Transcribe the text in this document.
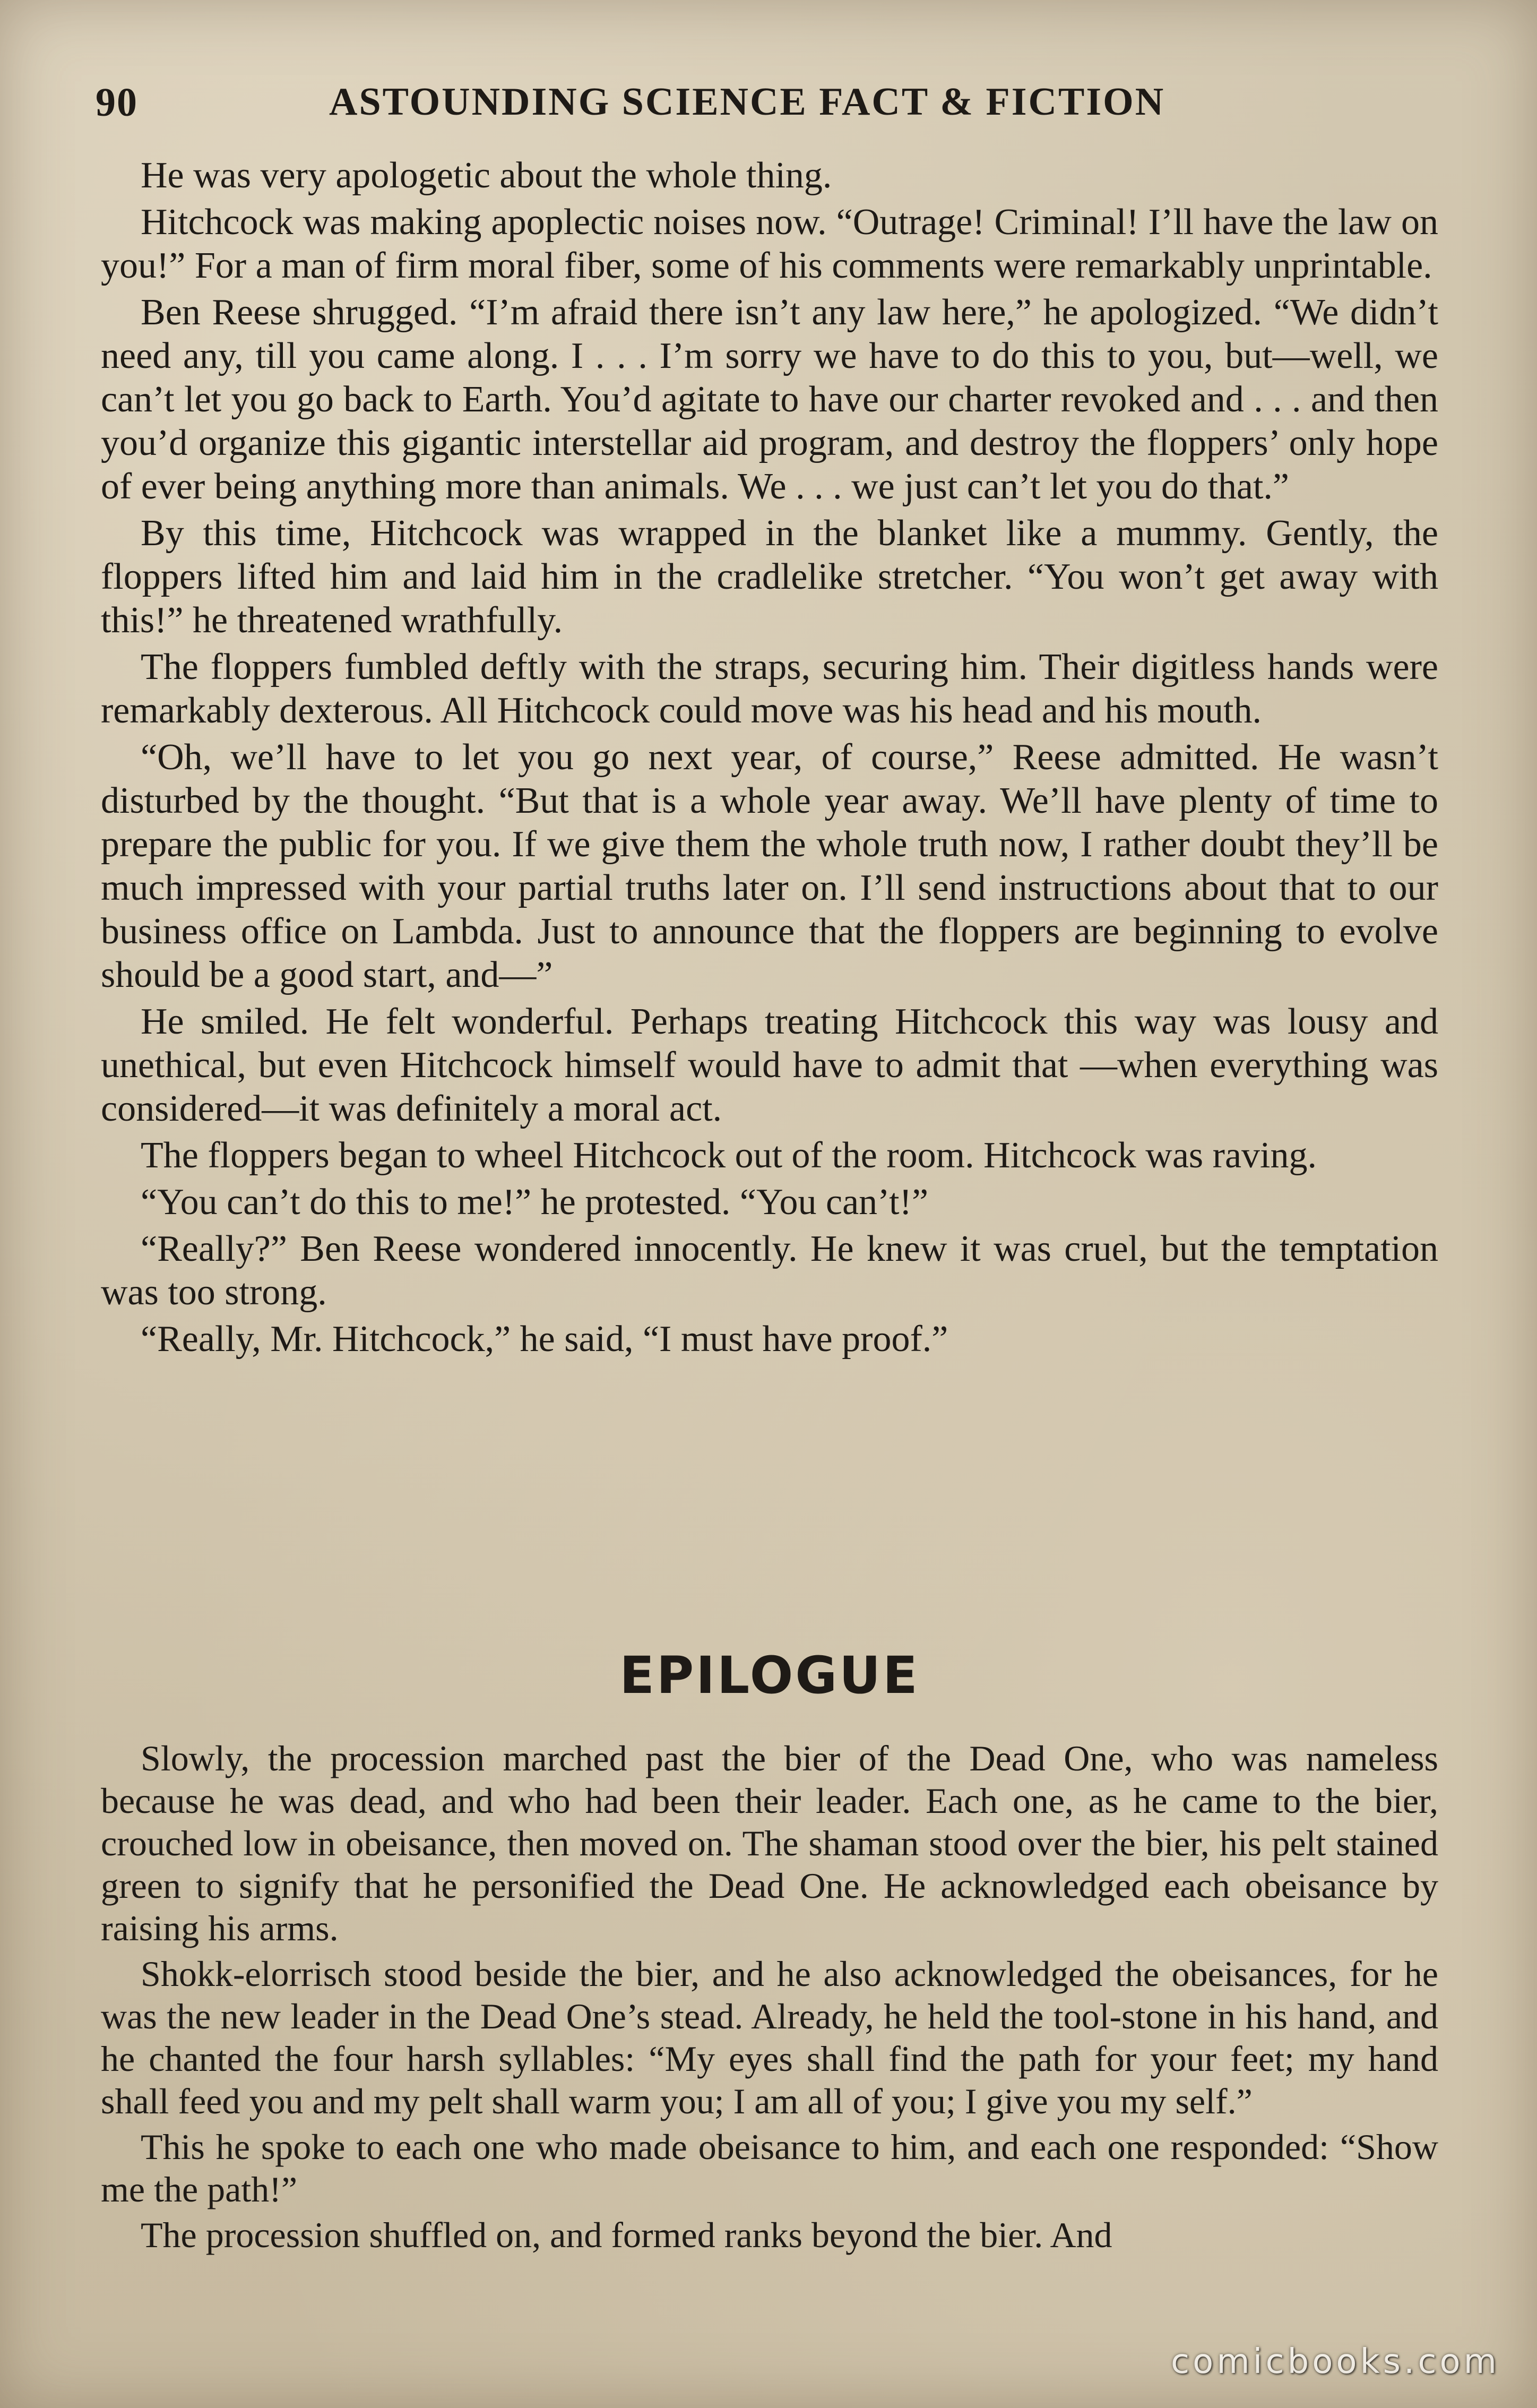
90	ASTOUNDING SCIENCE FACT & FICTION

He was very apologetic about the whole thing.

Hitchcock was making apoplectic noises now. “Outrage! Criminal! I’ll have the law on you!” For a man of firm moral fiber, some of his comments were remarkably unprintable.

Ben Reese shrugged. “I’m afraid there isn’t any law here,” he apologized. “We didn’t need any, till you came along. I . . . I’m sorry we have to do this to you, but—well, we can’t let you go back to Earth. You’d agitate to have our charter revoked and . . . and then you’d organize this gigantic interstellar aid program, and destroy the floppers’ only hope of ever being anything more than animals. We . . . we just can’t let you do that.”

By this time, Hitchcock was wrapped in the blanket like a mummy. Gently, the floppers lifted him and laid him in the cradlelike stretcher. “You won’t get away with this!” he threatened wrathfully.

The floppers fumbled deftly with the straps, securing him. Their digitless hands were remarkably dexterous. All Hitchcock could move was his head and his mouth.

“Oh, we’ll have to let you go next year, of course,” Reese admitted. He wasn’t disturbed by the thought. “But that is a whole year away. We’ll have plenty of time to prepare the public for you. If we give them the whole truth now, I rather doubt they’ll be much impressed with your partial truths later on. I’ll send instructions about that to our business office on Lambda. Just to announce that the floppers are beginning to evolve should be a good start, and—”

He smiled. He felt wonderful. Perhaps treating Hitchcock this way was lousy and unethical, but even Hitchcock himself would have to admit that —when everything was considered—it was definitely a moral act.

The floppers began to wheel Hitchcock out of the room. Hitchcock was raving.

“You can’t do this to me!” he protested. “You can’t!”

“Really?” Ben Reese wondered innocently. He knew it was cruel, but the temptation was too strong.

“Really, Mr. Hitchcock,” he said, “I must have proof.”

EPILOGUE

Slowly, the procession marched past the bier of the Dead One, who was nameless because he was dead, and who had been their leader. Each one, as he came to the bier, crouched low in obeisance, then moved on. The shaman stood over the bier, his pelt stained green to signify that he personified the Dead One. He acknowledged each obeisance by raising his arms.

Shokk-elorrisch stood beside the bier, and he also acknowledged the obeisances, for he was the new leader in the Dead One’s stead. Already, he held the tool-stone in his hand, and he chanted the four harsh syllables: “My eyes shall find the path for your feet; my hand shall feed you and my pelt shall warm you; I am all of you; I give you my self.”

This he spoke to each one who made obeisance to him, and each one responded: “Show me the path!”

The procession shuffled on, and formed ranks beyond the bier. And

comicbooks.com
